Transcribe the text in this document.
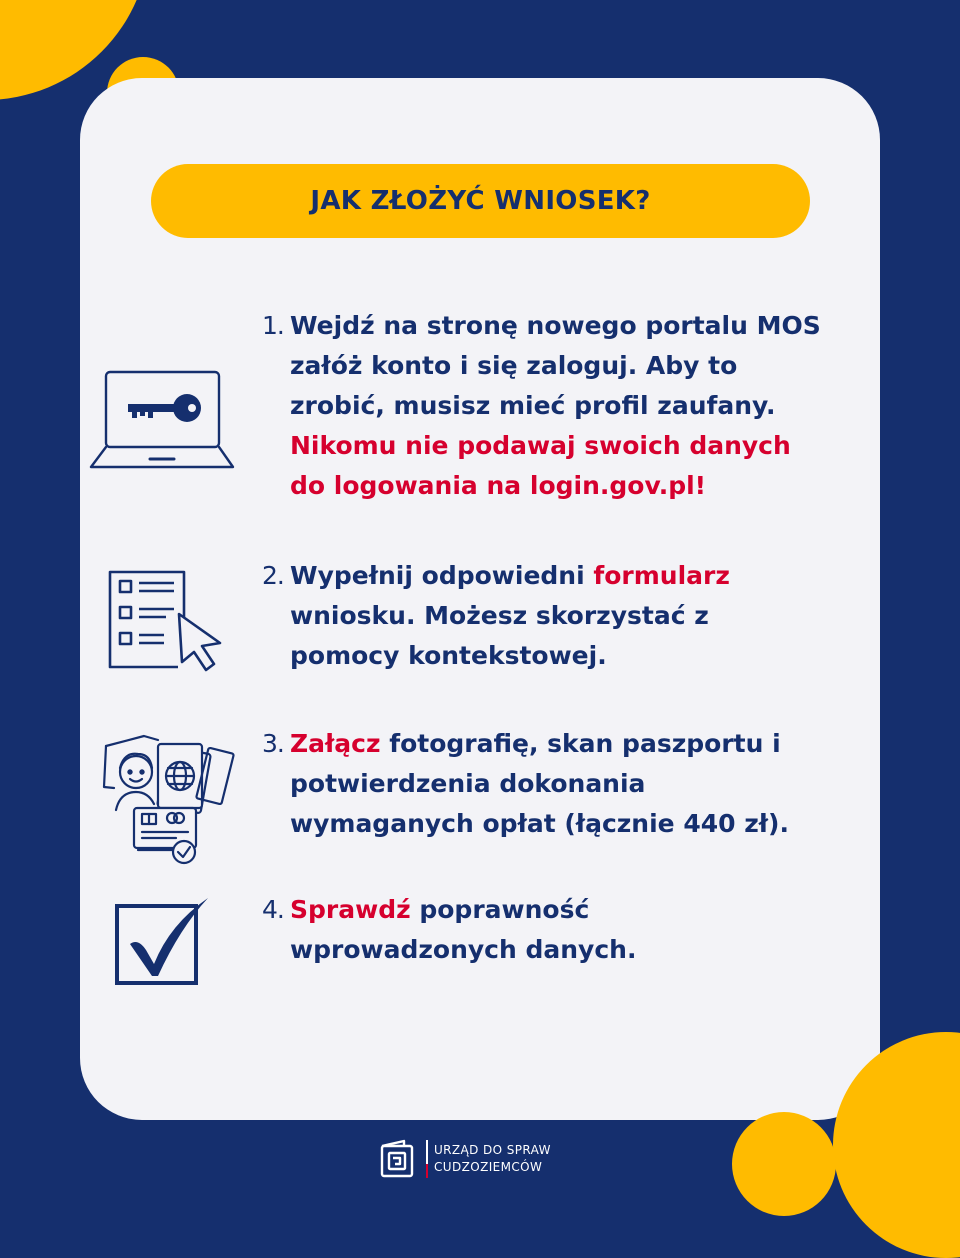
JAK ZŁOŻYĆ WNIOSEK?
1. Wejdź na stronę nowego portalu MOS
załóż konto i się zaloguj. Aby to
zrobić, musisz mieć profil zaufany.
Nikomu nie podawaj swoich danych
do logowania na login.gov.pl!
2. Wypełnij odpowiedni formularz
wniosku. Możesz skorzystać z
pomocy kontekstowej.
3. Załącz fotografię, skan paszportu i
potwierdzenia dokonania
wymaganych opłat (łącznie 440 zł).
4. Sprawdź poprawność
wprowadzonych danych.
URZĄD DO SPRAW
CUDZOZIEMCÓW
